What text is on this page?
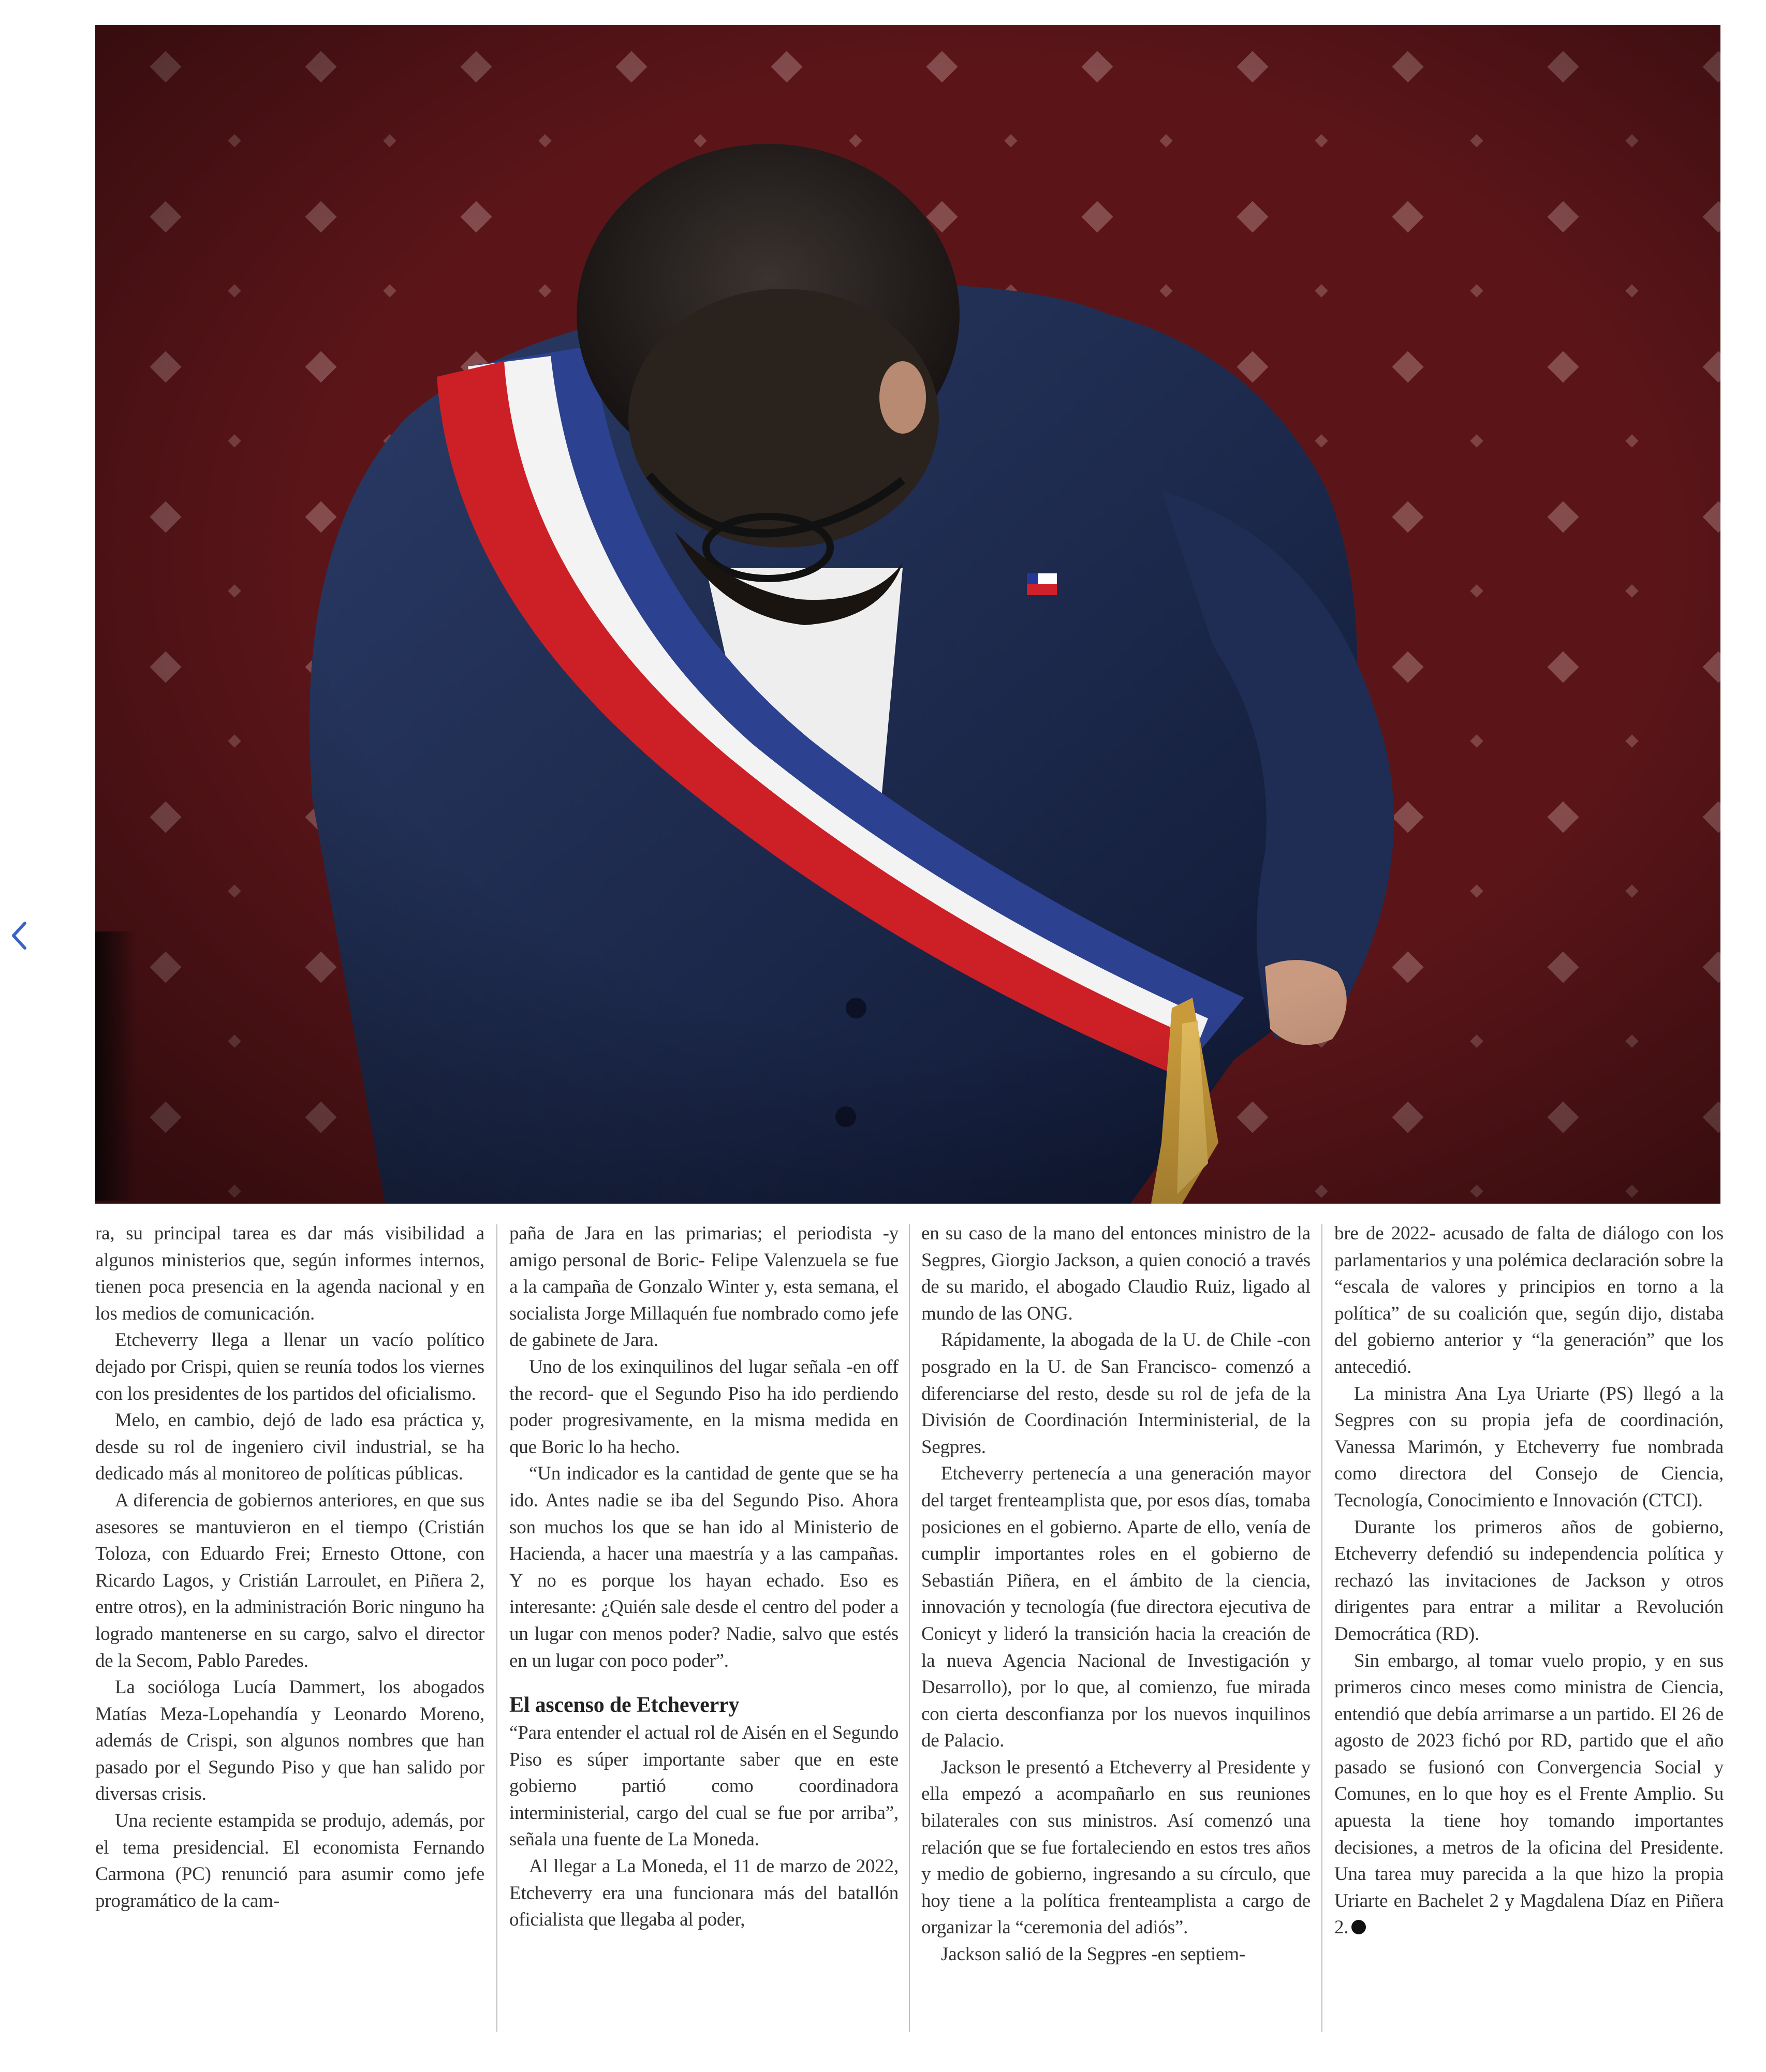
ra, su principal tarea es dar más visibilidad a algunos ministerios que, según informes internos, tienen poca presencia en la agenda nacional y en los medios de comunicación.

Etcheverry llega a llenar un vacío político dejado por Crispi, quien se reunía todos los viernes con los presidentes de los partidos del oficialismo.

Melo, en cambio, dejó de lado esa práctica y, desde su rol de ingeniero civil industrial, se ha dedicado más al monitoreo de políticas públicas.

A diferencia de gobiernos anteriores, en que sus asesores se mantuvieron en el tiempo (Cristián Toloza, con Eduardo Frei; Ernesto Ottone, con Ricardo Lagos, y Cristián Larroulet, en Piñera 2, entre otros), en la administración Boric ninguno ha logrado mantenerse en su cargo, salvo el director de la Secom, Pablo Paredes.

La socióloga Lucía Dammert, los abogados Matías Meza-Lopehandía y Leonardo Moreno, además de Crispi, son algunos nombres que han pasado por el Segundo Piso y que han salido por diversas crisis.

Una reciente estampida se produjo, además, por el tema presidencial. El economista Fernando Carmona (PC) renunció para asumir como jefe programático de la cam-

paña de Jara en las primarias; el periodista -y amigo personal de Boric- Felipe Valenzuela se fue a la campaña de Gonzalo Winter y, esta semana, el socialista Jorge Millaquén fue nombrado como jefe de gabinete de Jara.

Uno de los exinquilinos del lugar señala -en off the record- que el Segundo Piso ha ido perdiendo poder progresivamente, en la misma medida en que Boric lo ha hecho.

“Un indicador es la cantidad de gente que se ha ido. Antes nadie se iba del Segundo Piso. Ahora son muchos los que se han ido al Ministerio de Hacienda, a hacer una maestría y a las campañas. Y no es porque los hayan echado. Eso es interesante: ¿Quién sale desde el centro del poder a un lugar con menos poder? Nadie, salvo que estés en un lugar con poco poder”.

El ascenso de Etcheverry

“Para entender el actual rol de Aisén en el Segundo Piso es súper importante saber que en este gobierno partió como coordinadora interministerial, cargo del cual se fue por arriba”, señala una fuente de La Moneda.

Al llegar a La Moneda, el 11 de marzo de 2022, Etcheverry era una funcionara más del batallón oficialista que llegaba al poder,

en su caso de la mano del entonces ministro de la Segpres, Giorgio Jackson, a quien conoció a través de su marido, el abogado Claudio Ruiz, ligado al mundo de las ONG.

Rápidamente, la abogada de la U. de Chile -con posgrado en la U. de San Francisco- comenzó a diferenciarse del resto, desde su rol de jefa de la División de Coordinación Interministerial, de la Segpres.

Etcheverry pertenecía a una generación mayor del target frenteamplista que, por esos días, tomaba posiciones en el gobierno. Aparte de ello, venía de cumplir importantes roles en el gobierno de Sebastián Piñera, en el ámbito de la ciencia, innovación y tecnología (fue directora ejecutiva de Conicyt y lideró la transición hacia la creación de la nueva Agencia Nacional de Investigación y Desarrollo), por lo que, al comienzo, fue mirada con cierta desconfianza por los nuevos inquilinos de Palacio.

Jackson le presentó a Etcheverry al Presidente y ella empezó a acompañarlo en sus reuniones bilaterales con sus ministros. Así comenzó una relación que se fue fortaleciendo en estos tres años y medio de gobierno, ingresando a su círculo, que hoy tiene a la política frenteamplista a cargo de organizar la “ceremonia del adiós”.

Jackson salió de la Segpres -en septiem-

bre de 2022- acusado de falta de diálogo con los parlamentarios y una polémica declaración sobre la “escala de valores y principios en torno a la política” de su coalición que, según dijo, distaba del gobierno anterior y “la generación” que los antecedió.

La ministra Ana Lya Uriarte (PS) llegó a la Segpres con su propia jefa de coordinación, Vanessa Marimón, y Etcheverry fue nombrada como directora del Consejo de Ciencia, Tecnología, Conocimiento e Innovación (CTCI).

Durante los primeros años de gobierno, Etcheverry defendió su independencia política y rechazó las invitaciones de Jackson y otros dirigentes para entrar a militar a Revolución Democrática (RD).

Sin embargo, al tomar vuelo propio, y en sus primeros cinco meses como ministra de Ciencia, entendió que debía arrimarse a un partido. El 26 de agosto de 2023 fichó por RD, partido que el año pasado se fusionó con Convergencia Social y Comunes, en lo que hoy es el Frente Amplio. Su apuesta la tiene hoy tomando importantes decisiones, a metros de la oficina del Presidente. Una tarea muy parecida a la que hizo la propia Uriarte en Bachelet 2 y Magdalena Díaz en Piñera 2.
